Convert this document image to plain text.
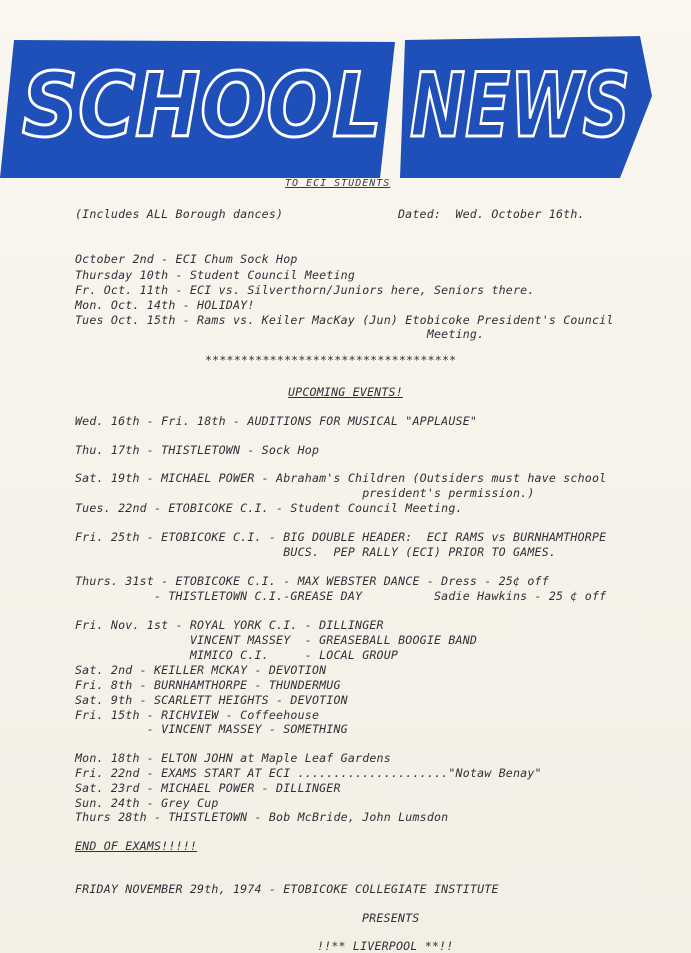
SCHOOL NEWS
TO ECI STUDENTS
(Includes ALL Borough dances)	Dated:  Wed. October 16th.
October 2nd - ECI Chum Sock Hop
Thursday 10th - Student Council Meeting
Fr. Oct. 11th - ECI vs. Silverthorn/Juniors here, Seniors there.
Mon. Oct. 14th - HOLIDAY!
Tues Oct. 15th - Rams vs. Keiler MacKay (Jun) Etobicoke President's Council
Meeting.
***********************************
UPCOMING EVENTS!
Wed. 16th - Fri. 18th - AUDITIONS FOR MUSICAL "APPLAUSE"
Thu. 17th - THISTLETOWN - Sock Hop
Sat. 19th - MICHAEL POWER - Abraham's Children (Outsiders must have school
president's permission.)
Tues. 22nd - ETOBICOKE C.I. - Student Council Meeting.
Fri. 25th - ETOBICOKE C.I. - BIG DOUBLE HEADER:  ECI RAMS vs BURNHAMTHORPE
BUCS.  PEP RALLY (ECI) PRIOR TO GAMES.
Thurs. 31st - ETOBICOKE C.I. - MAX WEBSTER DANCE - Dress - 25¢ off
- THISTLETOWN C.I.-GREASE DAY          Sadie Hawkins - 25 ¢ off
Fri. Nov. 1st - ROYAL YORK C.I. - DILLINGER
VINCENT MASSEY  - GREASEBALL BOOGIE BAND
MIMICO C.I.     - LOCAL GROUP
Sat. 2nd - KEILLER MCKAY - DEVOTION
Fri. 8th - BURNHAMTHORPE - THUNDERMUG
Sat. 9th - SCARLETT HEIGHTS - DEVOTION
Fri. 15th - RICHVIEW - Coffeehouse
- VINCENT MASSEY - SOMETHING
Mon. 18th - ELTON JOHN at Maple Leaf Gardens
Fri. 22nd - EXAMS START AT ECI ....................."Notaw Benay"
Sat. 23rd - MICHAEL POWER - DILLINGER
Sun. 24th - Grey Cup
Thurs 28th - THISTLETOWN - Bob McBride, John Lumsdon
END OF EXAMS!!!!!
FRIDAY NOVEMBER 29th, 1974 - ETOBICOKE COLLEGIATE INSTITUTE
PRESENTS
!!** LIVERPOOL **!!
